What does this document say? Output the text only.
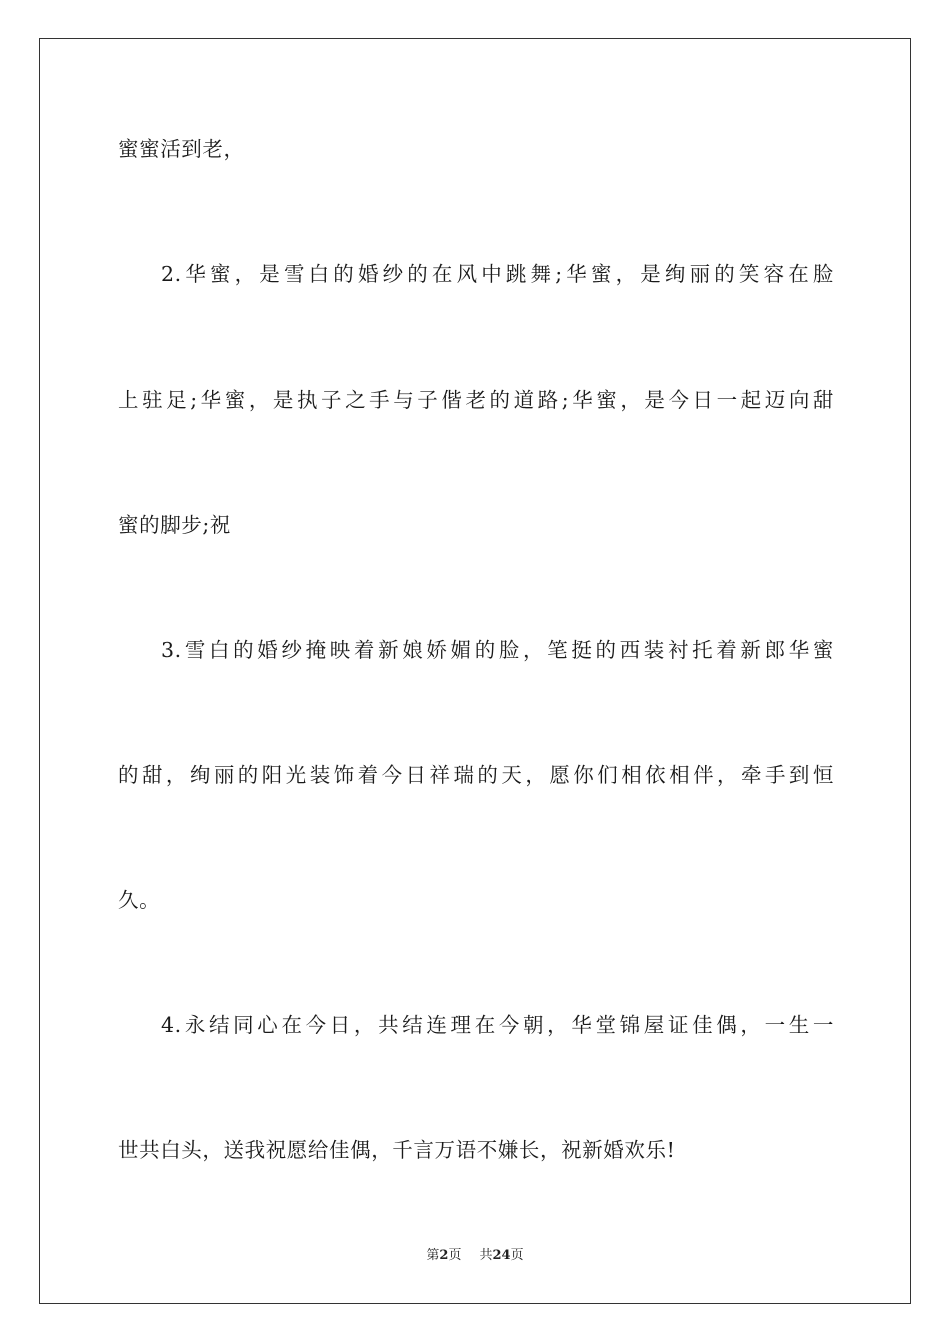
蜜蜜活到老，
2.华蜜，是雪白的婚纱的在风中跳舞;华蜜，是绚丽的笑容在脸
上驻足;华蜜，是执子之手与子偕老的道路;华蜜，是今日一起迈向甜
蜜的脚步;祝
3.雪白的婚纱掩映着新娘娇媚的脸，笔挺的西装衬托着新郎华蜜
的甜，绚丽的阳光装饰着今日祥瑞的天，愿你们相依相伴，牵手到恒
久。
4.永结同心在今日，共结连理在今朝，华堂锦屋证佳偶，一生一
世共白头，送我祝愿给佳偶，千言万语不嫌长，祝新婚欢乐!
第2页 共24页
